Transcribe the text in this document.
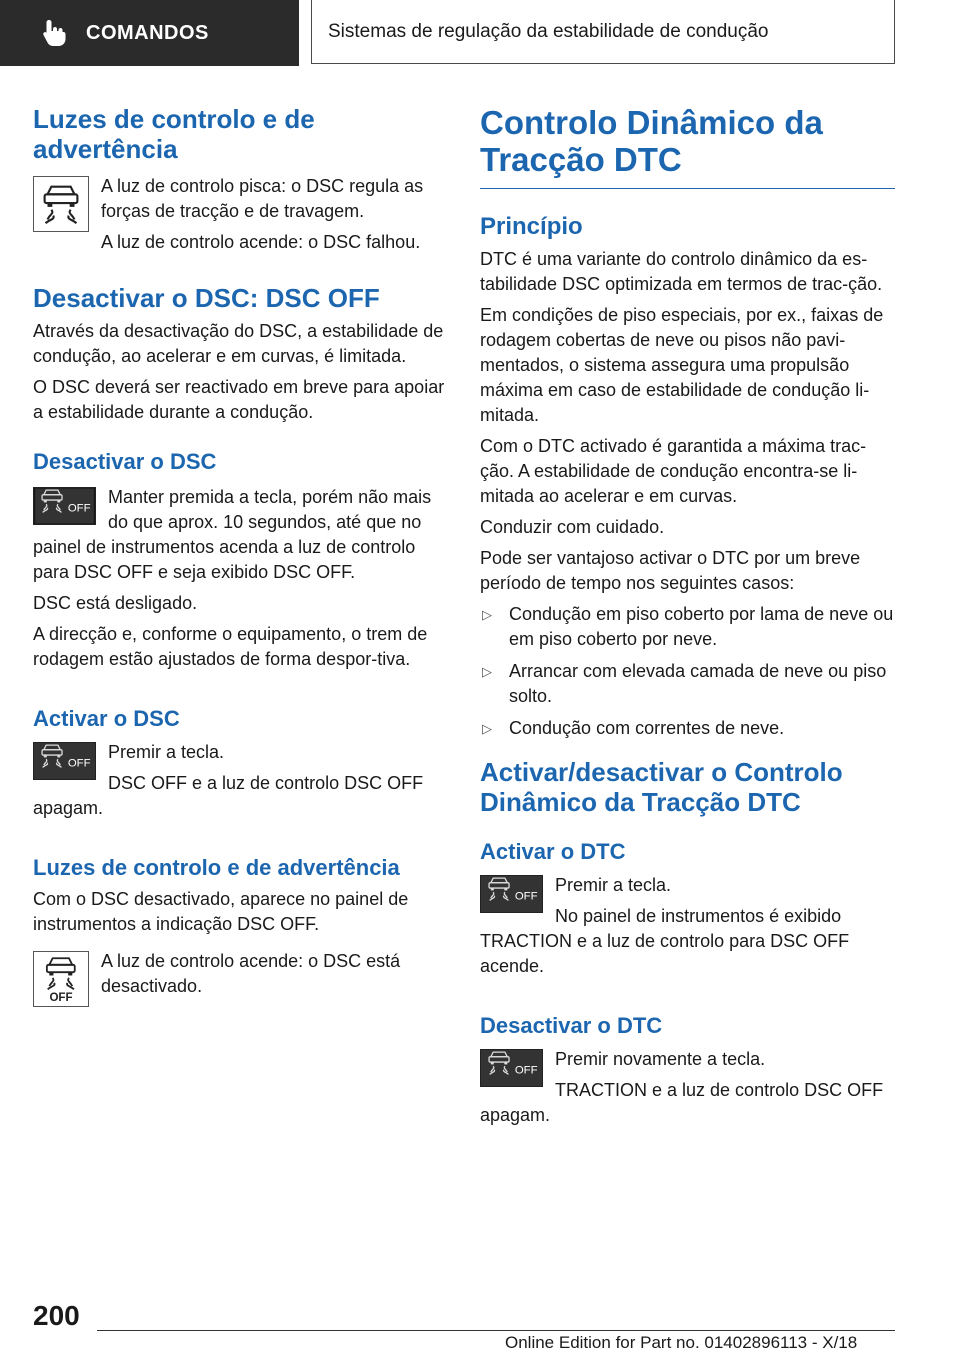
COMANDOS	Sistemas de regulação da estabilidade de condução
Luzes de controlo e de advertência

A luz de controlo pisca: o DSC regula as forças de tracção e de travagem.

A luz de controlo acende: o DSC falhou.

Desactivar o DSC: DSC OFF

Através da desactivação do DSC, a estabilidade de condução, ao acelerar e em curvas, é limitada.

O DSC deverá ser reactivado em breve para apoiar a estabilidade durante a condução.

Desactivar o DSC
OFF

Manter premida a tecla, porém não mais do que aprox. 10 segundos, até que no painel de instrumentos acenda a luz de controlo para DSC OFF e seja exibido DSC OFF.

DSC está desligado.

A direcção e, conforme o equipamento, o trem de rodagem estão ajustados de forma despor‐tiva.

Activar o DSC
OFF

Premir a tecla.

DSC OFF e a luz de controlo DSC OFF apagam.

Luzes de controlo e de advertência

Com o DSC desactivado, aparece no painel de instrumentos a indicação DSC OFF.

OFF

A luz de controlo acende: o DSC está desactivado.

Controlo Dinâmico da Tracção DTC
Princípio

DTC é uma variante do controlo dinâmico da es‐tabilidade DSC optimizada em termos de trac‐ção.

Em condições de piso especiais, por ex., faixas de rodagem cobertas de neve ou pisos não pavi‐mentados, o sistema assegura uma propulsão máxima em caso de estabilidade de condução li‐mitada.

Com o DTC activado é garantida a máxima trac‐ção. A estabilidade de condução encontra-se li‐mitada ao acelerar e em curvas.

Conduzir com cuidado.

Pode ser vantajoso activar o DTC por um breve período de tempo nos seguintes casos:

▷ Condução em piso coberto por lama de neve ou em piso coberto por neve.
▷ Arrancar com elevada camada de neve ou piso solto.
▷ Condução com correntes de neve.
Activar/desactivar o Controlo Dinâmico da Tracção DTC
Activar o DTC
OFF

Premir a tecla.

No painel de instrumentos é exibido TRACTION e a luz de controlo para DSC OFF acende.

Desactivar o DTC
OFF

Premir novamente a tecla.

TRACTION e a luz de controlo DSC OFF apagam.

200
Online Edition for Part no. 01402896113 - X/18
